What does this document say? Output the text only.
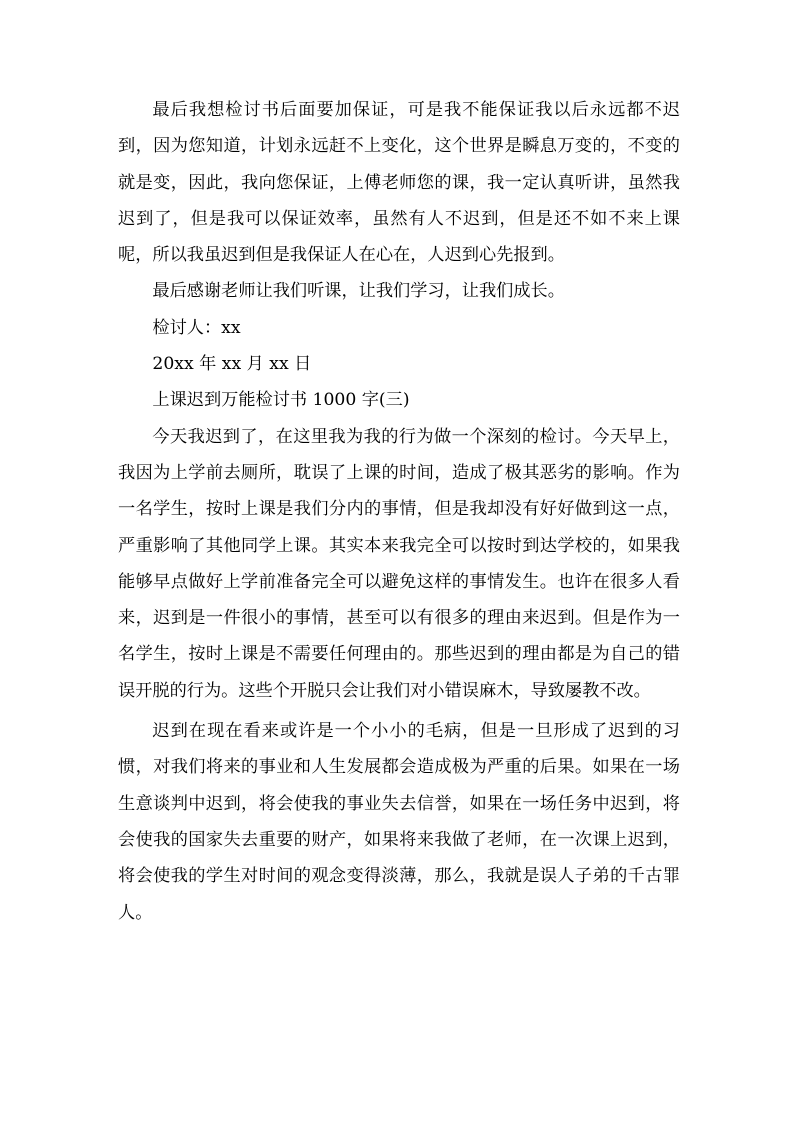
最后我想检讨书后面要加保证，可是我不能保证我以后永远都不迟到，因为您知道，计划永远赶不上变化，这个世界是瞬息万变的，不变的就是变，因此，我向您保证，上傅老师您的课，我一定认真听讲，虽然我迟到了，但是我可以保证效率，虽然有人不迟到，但是还不如不来上课呢，所以我虽迟到但是我保证人在心在，人迟到心先报到。

最后感谢老师让我们听课，让我们学习，让我们成长。

检讨人：xx

20xx 年 xx 月 xx 日

上课迟到万能检讨书 1000 字(三)

今天我迟到了，在这里我为我的行为做一个深刻的检讨。今天早上，我因为上学前去厕所，耽误了上课的时间，造成了极其恶劣的影响。作为一名学生，按时上课是我们分内的事情，但是我却没有好好做到这一点，严重影响了其他同学上课。其实本来我完全可以按时到达学校的，如果我能够早点做好上学前准备完全可以避免这样的事情发生。也许在很多人看来，迟到是一件很小的事情，甚至可以有很多的理由来迟到。但是作为一名学生，按时上课是不需要任何理由的。那些迟到的理由都是为自己的错误开脱的行为。这些个开脱只会让我们对小错误麻木，导致屡教不改。

迟到在现在看来或许是一个小小的毛病，但是一旦形成了迟到的习惯，对我们将来的事业和人生发展都会造成极为严重的后果。如果在一场生意谈判中迟到，将会使我的事业失去信誉，如果在一场任务中迟到，将会使我的国家失去重要的财产，如果将来我做了老师，在一次课上迟到，将会使我的学生对时间的观念变得淡薄，那么，我就是误人子弟的千古罪人。
